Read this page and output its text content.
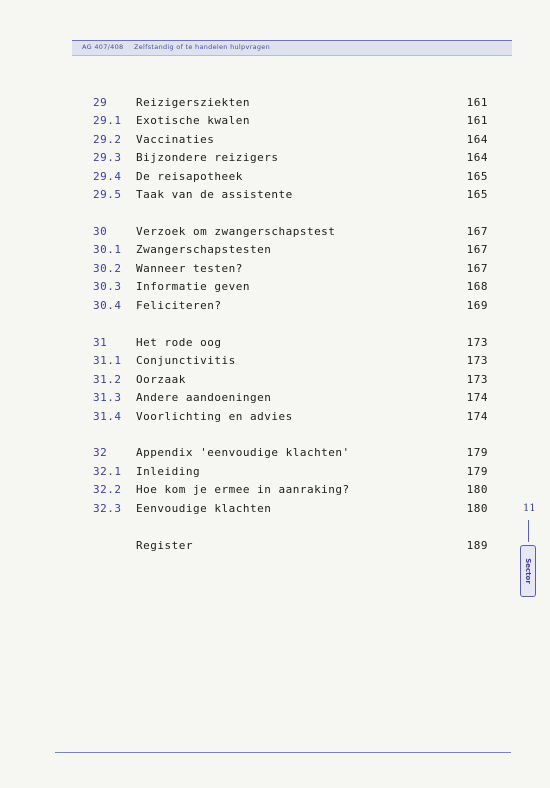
AG 407/408 Zelfstandig of te handelen hulpvragen
29	Reizigersziekten	161
29.1 Exotische kwalen	161
29.2 Vaccinaties	164
29.3 Bijzondere reizigers	164
29.4 De reisapotheek	165
29.5 Taak van de assistente	165
30	Verzoek om zwangerschapstest	167
30.1 Zwangerschapstesten	167
30.2 Wanneer testen?	167
30.3 Informatie geven	168
30.4 Feliciteren?	169
31	Het rode oog	173
31.1 Conjunctivitis	173
31.2 Oorzaak	173
31.3 Andere aandoeningen	174
31.4 Voorlichting en advies	174
32	Appendix 'eenvoudige klachten'	179
32.1 Inleiding	179
32.2 Hoe kom je ermee in aanraking?	180
32.3 Eenvoudige klachten	180
Register	189
11
Sector
